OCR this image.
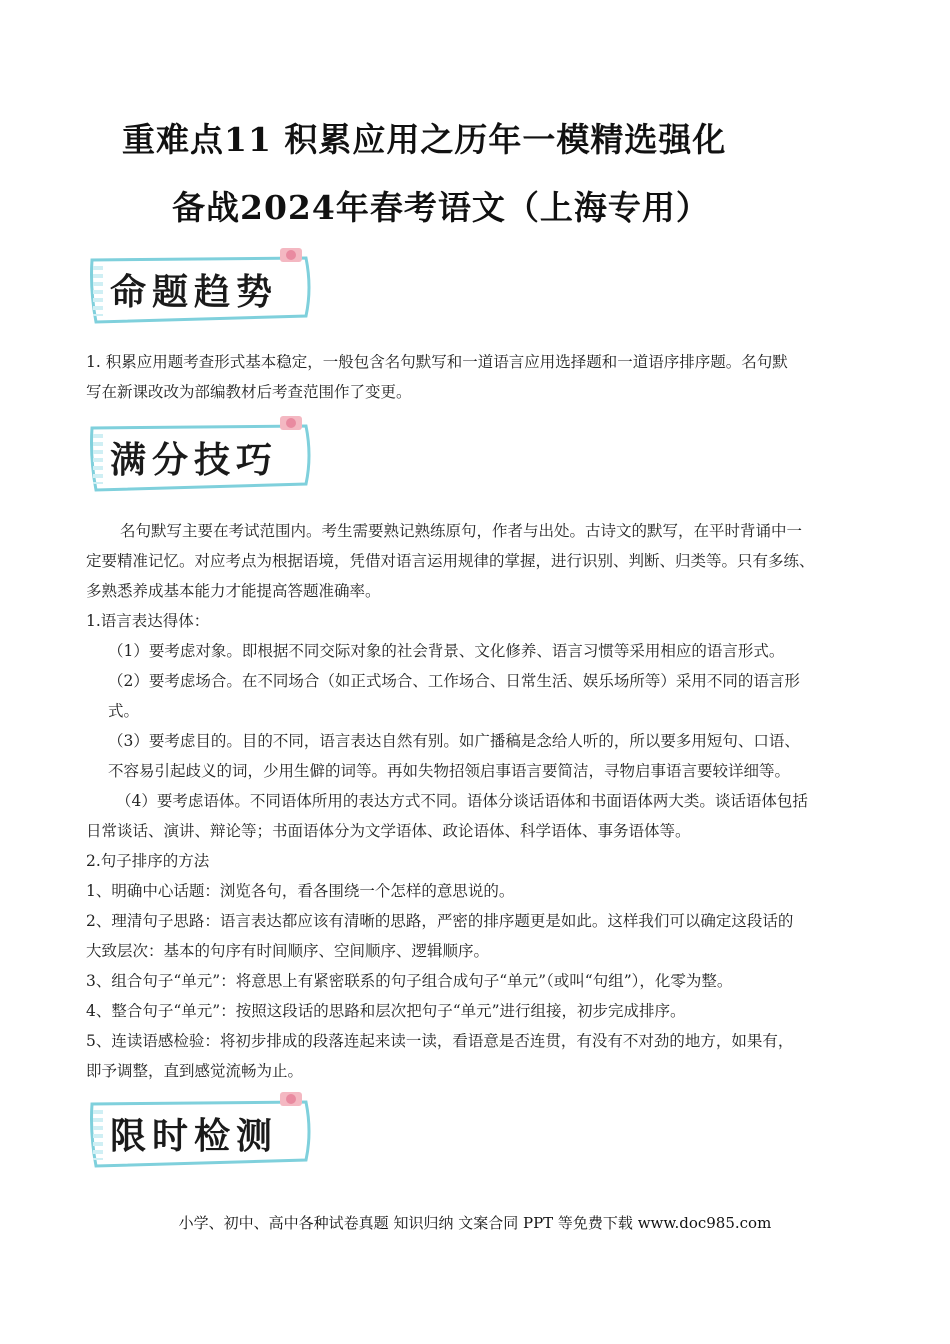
重难点11 积累应用之历年一模精选强化
备战2024年春考语文（上海专用）
命题趋势
1. 积累应用题考查形式基本稳定，一般包含名句默写和一道语言应用选择题和一道语序排序题。名句默
写在新课改改为部编教材后考查范围作了变更。
满分技巧
名句默写主要在考试范围内。考生需要熟记熟练原句，作者与出处。古诗文的默写，在平时背诵中一
定要精准记忆。对应考点为根据语境，凭借对语言运用规律的掌握，进行识别、判断、归类等。只有多练、
多熟悉养成基本能力才能提高答题准确率。
1.语言表达得体：
（1）要考虑对象。即根据不同交际对象的社会背景、文化修养、语言习惯等采用相应的语言形式。
（2）要考虑场合。在不同场合（如正式场合、工作场合、日常生活、娱乐场所等）采用不同的语言形
式。
（3）要考虑目的。目的不同，语言表达自然有别。如广播稿是念给人听的，所以要多用短句、口语、
不容易引起歧义的词，少用生僻的词等。再如失物招领启事语言要简洁，寻物启事语言要较详细等。
（4）要考虑语体。不同语体所用的表达方式不同。语体分谈话语体和书面语体两大类。谈话语体包括
日常谈话、演讲、辩论等；书面语体分为文学语体、政论语体、科学语体、事务语体等。
2.句子排序的方法
1、明确中心话题：浏览各句，看各围绕一个怎样的意思说的。
2、理清句子思路：语言表达都应该有清晰的思路，严密的排序题更是如此。这样我们可以确定这段话的
大致层次：基本的句序有时间顺序、空间顺序、逻辑顺序。
3、组合句子“单元”：将意思上有紧密联系的句子组合成句子“单元”（或叫“句组”），化零为整。
4、整合句子“单元”：按照这段话的思路和层次把句子“单元”进行组接，初步完成排序。
5、连读语感检验：将初步排成的段落连起来读一读，看语意是否连贯，有没有不对劲的地方，如果有，
即予调整，直到感觉流畅为止。
限时检测
小学、初中、高中各种试卷真题 知识归纳 文案合同 PPT 等免费下载 www.doc985.com
